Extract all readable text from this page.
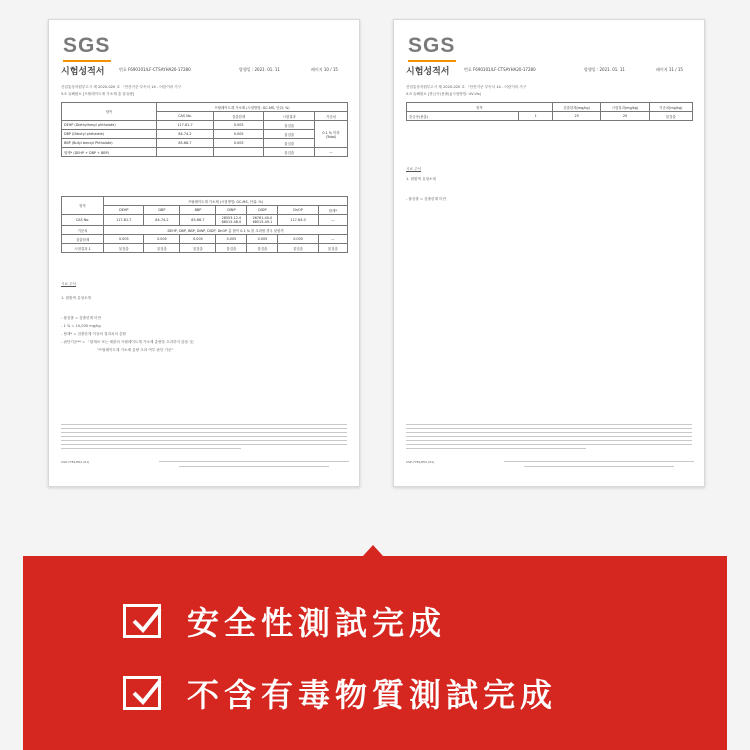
SGS
시험성적서	번호 F690101/LF-CTSAYHA20-17280	발행일 : 2021. 01. 11	페이지 10 / 15
산업통상자원부고시 제 2020-020 호 「안전기준 부속서 14 - 어린이의 가구
5.5 유해원소 [프탈레이트계 가소제 총 함유량]
항목	프탈레이트계 가소제 (시험방법: GC-MS, 단위: %)			
	CAS No.	검출한계	시험결과	기준치
DEHP (Diethylhexyl phthalate)	117-81-7	0.005	불검출	0.1 % 이하 (Total)
DBP (Dibutyl phthalate)	84-74-2	0.005	불검출	
BBP (Butyl benzyl Phthalate)	85-68-7	0.005	불검출	
합계* (DEHP + DBP + BBP)			불검출	—
항목	프탈레이트계 가소제 (시험방법: GC-MS, 단위: %)						
	DEHP	DBP	BBP	DINP	DIDP	DnOP	합계*
CAS No.	117-81-7	84-74-2	85-68-7	28553-12-0 68515-48-0	26761-40-0 68515-49-1	117-84-0	—
기준치	DEHP, DBP, BBP, DINP, DIDP, DnOP 총 합이 0.1 % 를 초과할 경우 불합격						
검출한계	0.005	0.005	0.005	0.005	0.005	0.005	—
시험결과 1	불검출	불검출	불검출	불검출	불검출	불검출	불검출
시료 주석
1. 원환색 유청소재
- 불검출 = 검출한계 미만
- 1 % = 10,000 mg/kg
- 합계* = 검출한계 이상의 결과치의 총합
- 판단기준** = 「원재료 또는 제품의 프탈레이트계 가소제 총량을 초과하지 않을 것」
"프탈레이트계 가소제 총량 초과 여부 판단 기준"
CSP-7781/P02 (01)
SGS
시험성적서	번호 F690101/LF-CTSAYHA20-17280	발행일 : 2021. 01. 11	페이지 11 / 15
산업통상자원부고시 제 2020-020 호 「안전기준 부속서 14 - 어린이의 가구
5.9 유해원소 [중금속(용출)](시험방법: UV-Vis)
항목		검출한계(mg/kg)	시험결과(mg/kg)	기준치(mg/kg)
중금속(용출)	1	25	20	불검출
시료 주석
1. 원환색 유청소재
- 불검출 = 검출한계 미만
CSP-7781/P02 (01)
安全性測試完成
不含有毒物質測試完成
